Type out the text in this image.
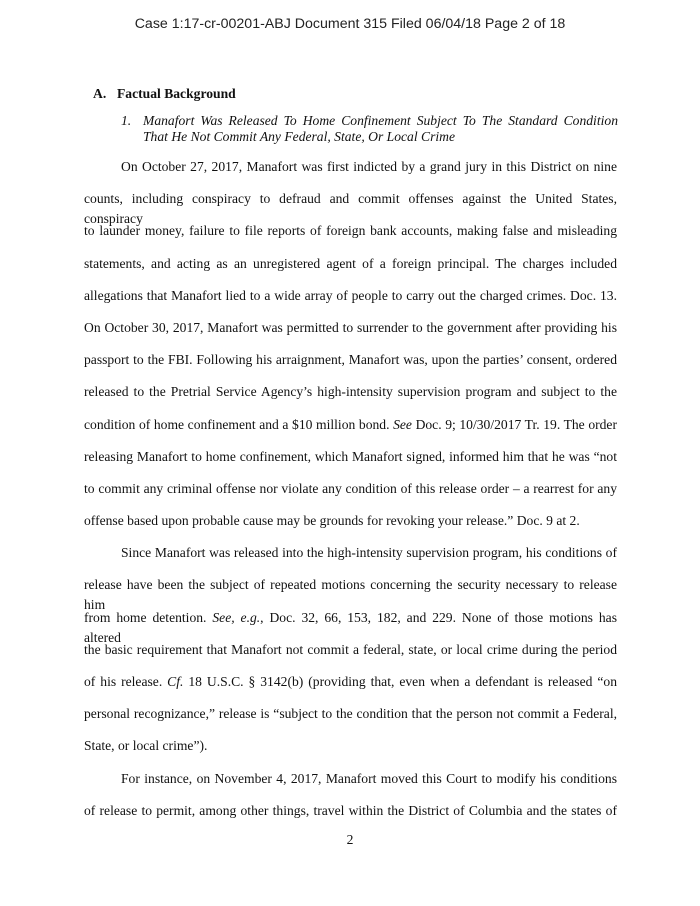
Case 1:17-cr-00201-ABJ Document 315 Filed 06/04/18 Page 2 of 18
A. Factual Background
1. Manafort Was Released To Home Confinement Subject To The Standard Condition
That He Not Commit Any Federal, State, Or Local Crime
On October 27, 2017, Manafort was first indicted by a grand jury in this District on nine
counts, including conspiracy to defraud and commit offenses against the United States, conspiracy
to launder money, failure to file reports of foreign bank accounts, making false and misleading
statements, and acting as an unregistered agent of a foreign principal. The charges included
allegations that Manafort lied to a wide array of people to carry out the charged crimes. Doc. 13.
On October 30, 2017, Manafort was permitted to surrender to the government after providing his
passport to the FBI. Following his arraignment, Manafort was, upon the parties’ consent, ordered
released to the Pretrial Service Agency’s high-intensity supervision program and subject to the
condition of home confinement and a $10 million bond. See Doc. 9; 10/30/2017 Tr. 19. The order
releasing Manafort to home confinement, which Manafort signed, informed him that he was “not
to commit any criminal offense nor violate any condition of this release order – a rearrest for any
offense based upon probable cause may be grounds for revoking your release.” Doc. 9 at 2.
Since Manafort was released into the high-intensity supervision program, his conditions of
release have been the subject of repeated motions concerning the security necessary to release him
from home detention. See, e.g., Doc. 32, 66, 153, 182, and 229. None of those motions has altered
the basic requirement that Manafort not commit a federal, state, or local crime during the period
of his release. Cf. 18 U.S.C. § 3142(b) (providing that, even when a defendant is released “on
personal recognizance,” release is “subject to the condition that the person not commit a Federal,
State, or local crime”).
For instance, on November 4, 2017, Manafort moved this Court to modify his conditions
of release to permit, among other things, travel within the District of Columbia and the states of
2
